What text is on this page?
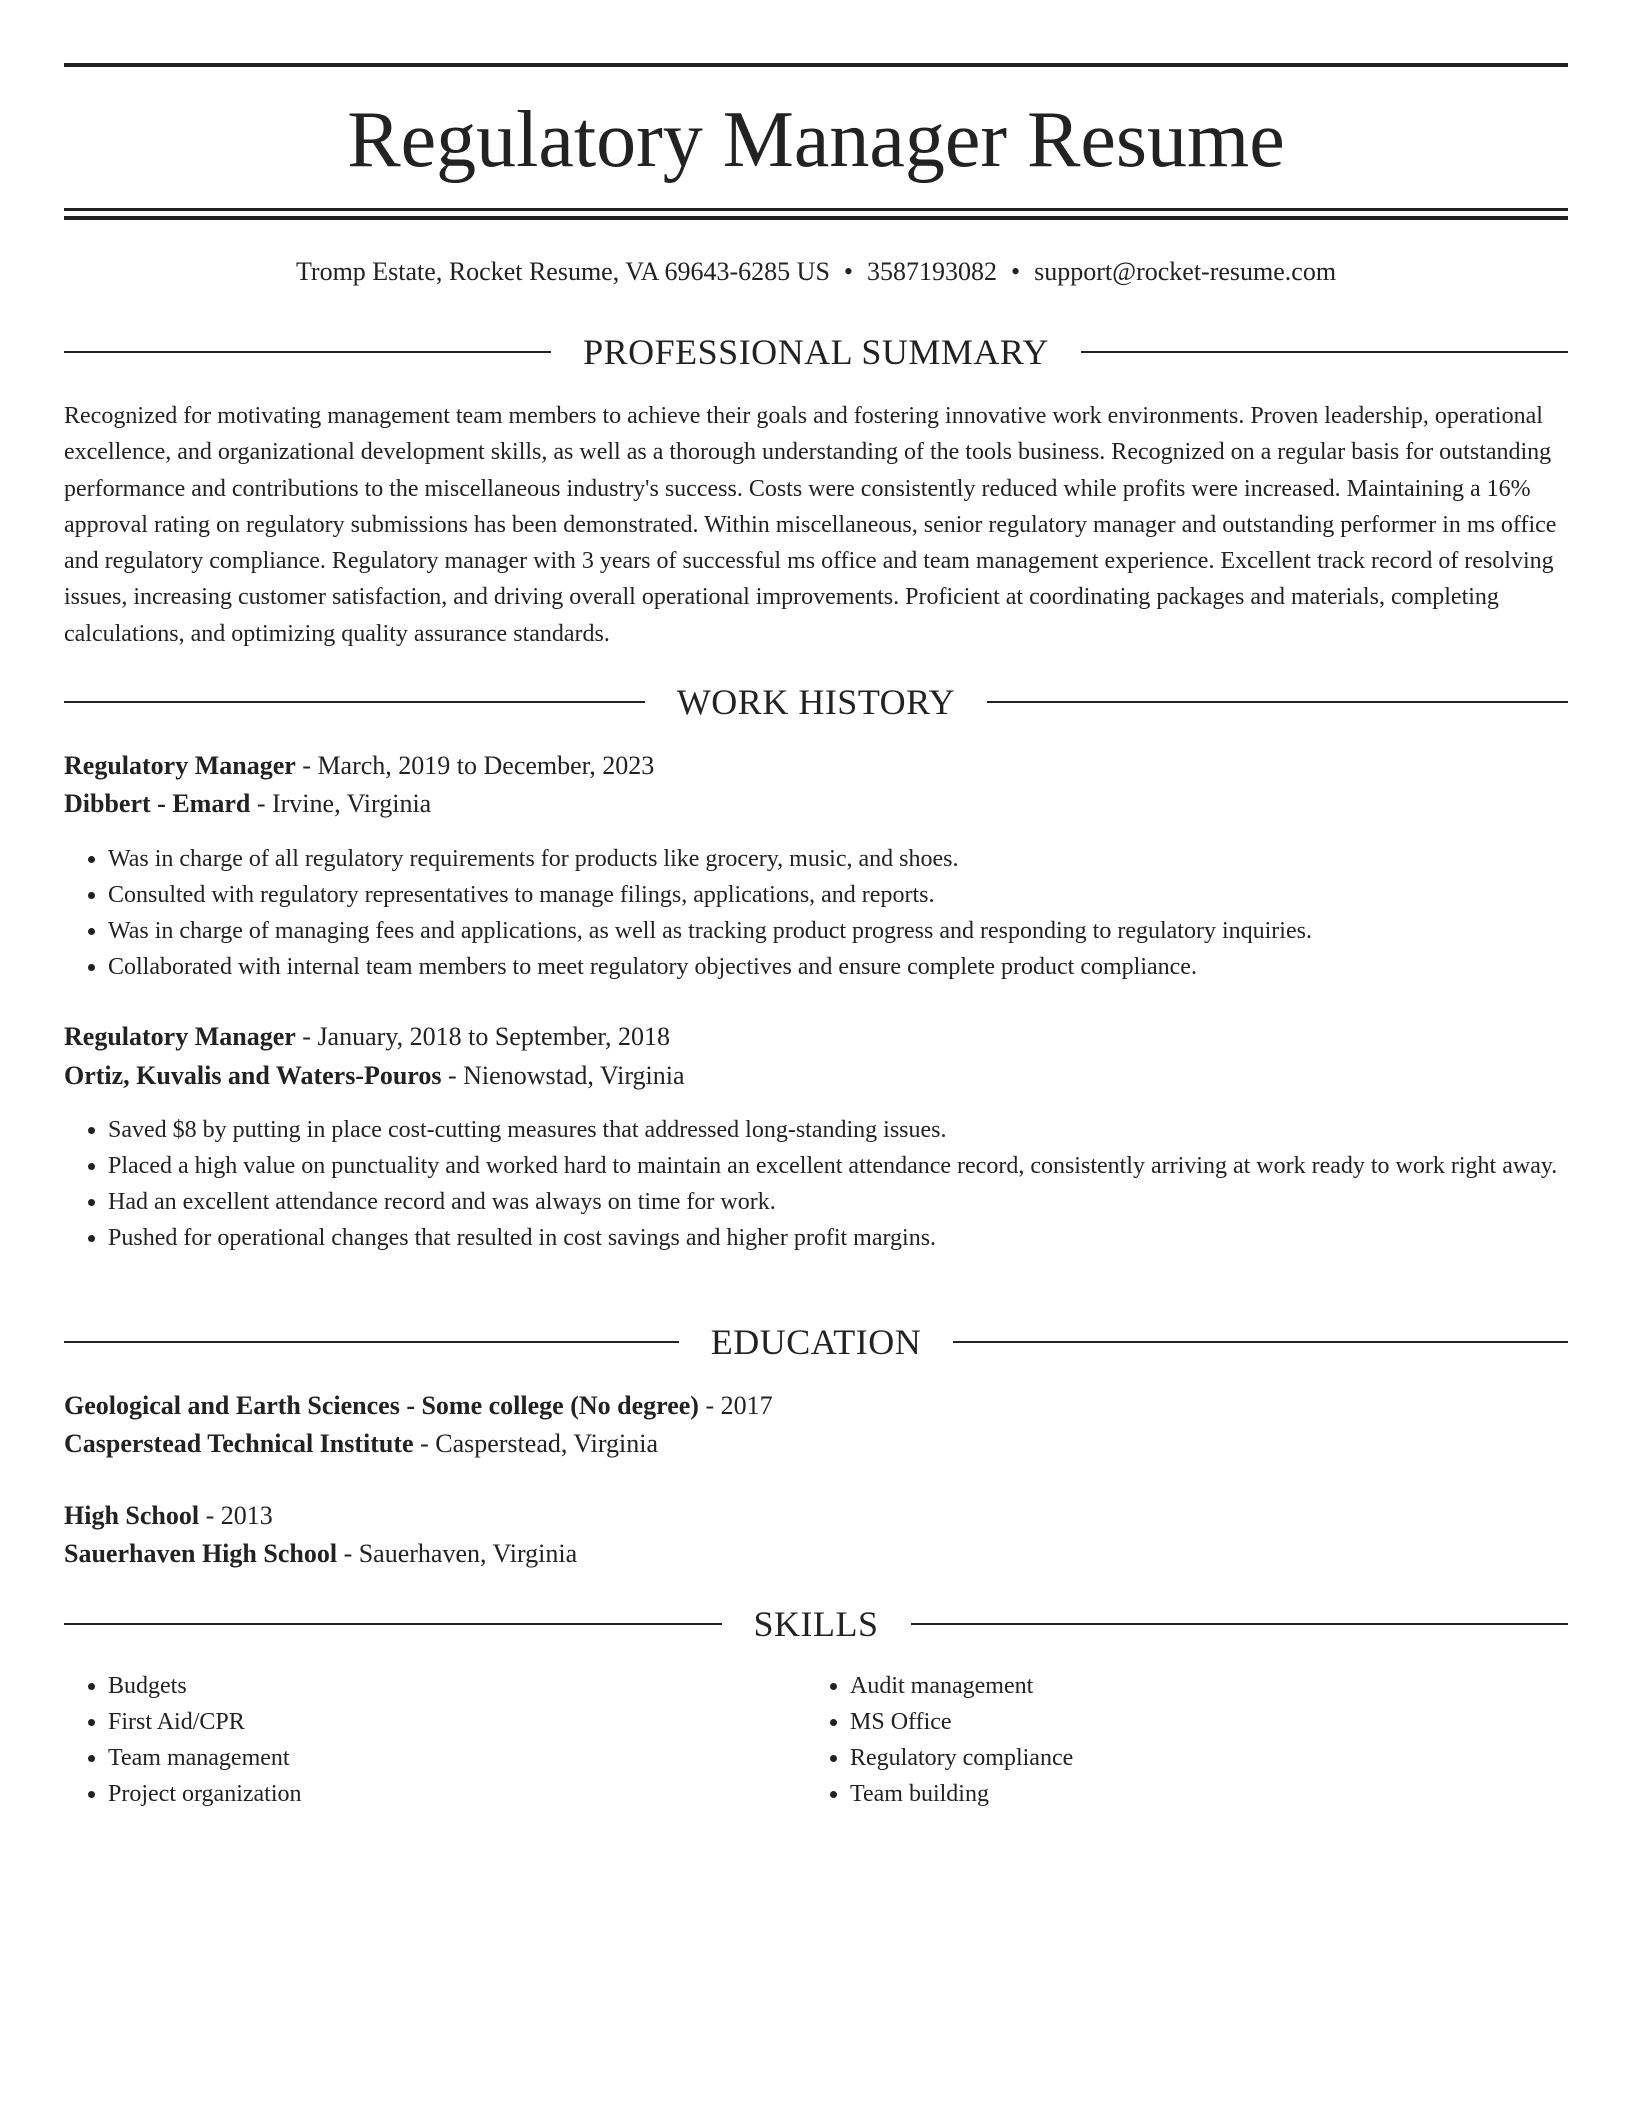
Regulatory Manager Resume
Tromp Estate, Rocket Resume, VA 69643-6285 US • 3587193082 • support@rocket-resume.com
PROFESSIONAL SUMMARY

Recognized for motivating management team members to achieve their goals and fostering innovative work environments. Proven leadership, operational excellence, and organizational development skills, as well as a thorough understanding of the tools business. Recognized on a regular basis for outstanding performance and contributions to the miscellaneous industry's success. Costs were consistently reduced while profits were increased. Maintaining a 16% approval rating on regulatory submissions has been demonstrated. Within miscellaneous, senior regulatory manager and outstanding performer in ms office and regulatory compliance. Regulatory manager with 3 years of successful ms office and team management experience. Excellent track record of resolving issues, increasing customer satisfaction, and driving overall operational improvements. Proficient at coordinating packages and materials, completing calculations, and optimizing quality assurance standards.

WORK HISTORY
Regulatory Manager - March, 2019 to December, 2023
Dibbert - Emard - Irvine, Virginia
• Was in charge of all regulatory requirements for products like grocery, music, and shoes.
• Consulted with regulatory representatives to manage filings, applications, and reports.
• Was in charge of managing fees and applications, as well as tracking product progress and responding to regulatory inquiries.
• Collaborated with internal team members to meet regulatory objectives and ensure complete product compliance.
Regulatory Manager - January, 2018 to September, 2018
Ortiz, Kuvalis and Waters-Pouros - Nienowstad, Virginia
• Saved $8 by putting in place cost-cutting measures that addressed long-standing issues.
• Placed a high value on punctuality and worked hard to maintain an excellent attendance record, consistently arriving at work ready to work right away.
• Had an excellent attendance record and was always on time for work.
• Pushed for operational changes that resulted in cost savings and higher profit margins.
EDUCATION
Geological and Earth Sciences - Some college (No degree) - 2017
Casperstead Technical Institute - Casperstead, Virginia
High School - 2013
Sauerhaven High School - Sauerhaven, Virginia
SKILLS
• Budgets
• First Aid/CPR
• Team management
• Project organization
• Audit management
• MS Office
• Regulatory compliance
• Team building
